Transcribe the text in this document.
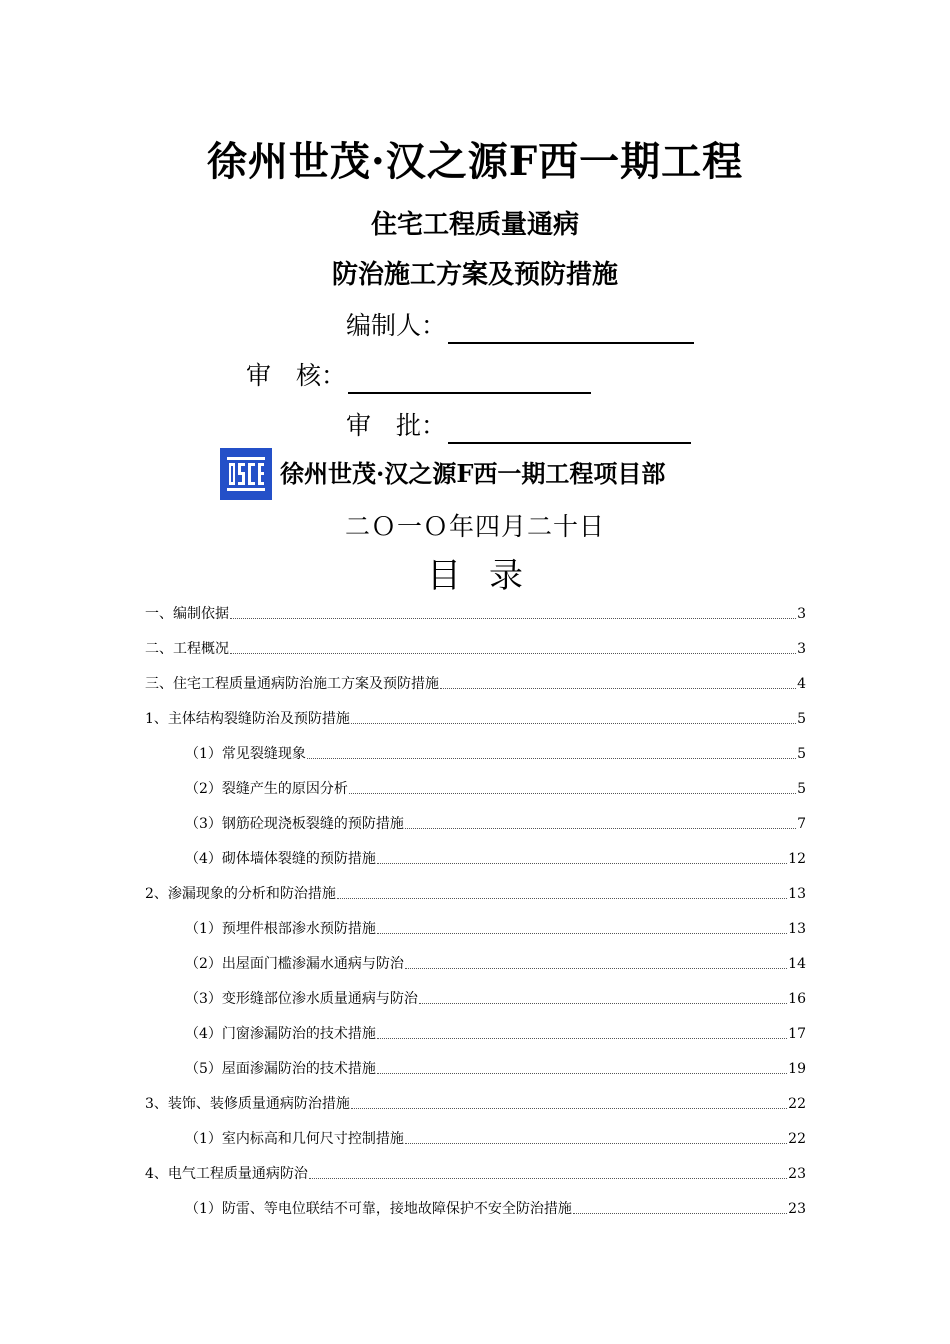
徐州世茂·汉之源F西一期工程
住宅工程质量通病
防治施工方案及预防措施
编制人：
审　核：
审　批：
徐州世茂·汉之源F西一期工程项目部
二Ｏ一Ｏ年四月二十日
目 录
一、编制依据	3
二、工程概况	3
三、住宅工程质量通病防治施工方案及预防措施	4
1、主体结构裂缝防治及预防措施	5
（1）常见裂缝现象	5
（2）裂缝产生的原因分析	5
（3）钢筋砼现浇板裂缝的预防措施	7
（4）砌体墙体裂缝的预防措施	12
2、渗漏现象的分析和防治措施	13
（1）预埋件根部渗水预防措施	13
（2）出屋面门槛渗漏水通病与防治	14
（3）变形缝部位渗水质量通病与防治	16
（4）门窗渗漏防治的技术措施	17
（5）屋面渗漏防治的技术措施	19
3、装饰、装修质量通病防治措施	22
（1）室内标高和几何尺寸控制措施	22
4、电气工程质量通病防治	23
（1）防雷、等电位联结不可靠，接地故障保护不安全防治措施	23
